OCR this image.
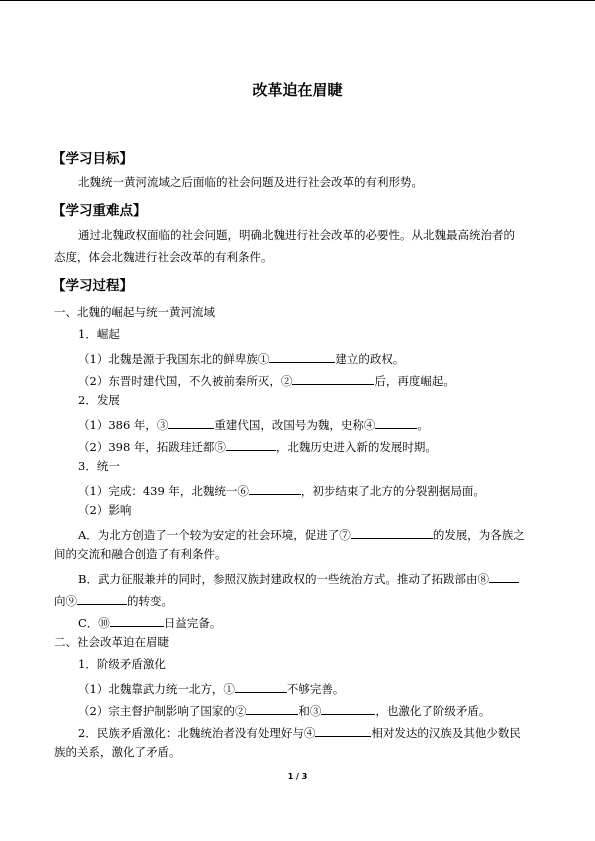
改革迫在眉睫
【学习目标】
北魏统一黄河流域之后面临的社会问题及进行社会改革的有利形势。
【学习重难点】
通过北魏政权面临的社会问题，明确北魏进行社会改革的必要性。从北魏最高统治者的
态度，体会北魏进行社会改革的有利条件。
【学习过程】
一、北魏的崛起与统一黄河流域
1．崛起
（1）北魏是源于我国东北的鲜卑族①	建立的政权。
（2）东晋时建代国，不久被前秦所灭，②	后，再度崛起。
2．发展
（1）386 年，③	重建代国，改国号为魏，史称④	。
（2）398 年，拓跋珪迁都⑤	，北魏历史进入新的发展时期。
3．统一
（1）完成：439 年，北魏统一⑥	，初步结束了北方的分裂割据局面。
（2）影响
A．为北方创造了一个较为安定的社会环境，促进了⑦	的发展，为各族之
间的交流和融合创造了有利条件。
B．武力征服兼并的同时，参照汉族封建政权的一些统治方式。推动了拓跋部由⑧
向⑨	的转变。
C．⑩	日益完备。
二、社会改革迫在眉睫
1．阶级矛盾激化
（1）北魏靠武力统一北方，①	不够完善。
（2）宗主督护制影响了国家的②	和③	，也激化了阶级矛盾。
2．民族矛盾激化：北魏统治者没有处理好与④	相对发达的汉族及其他少数民
族的关系，激化了矛盾。
1 / 3
